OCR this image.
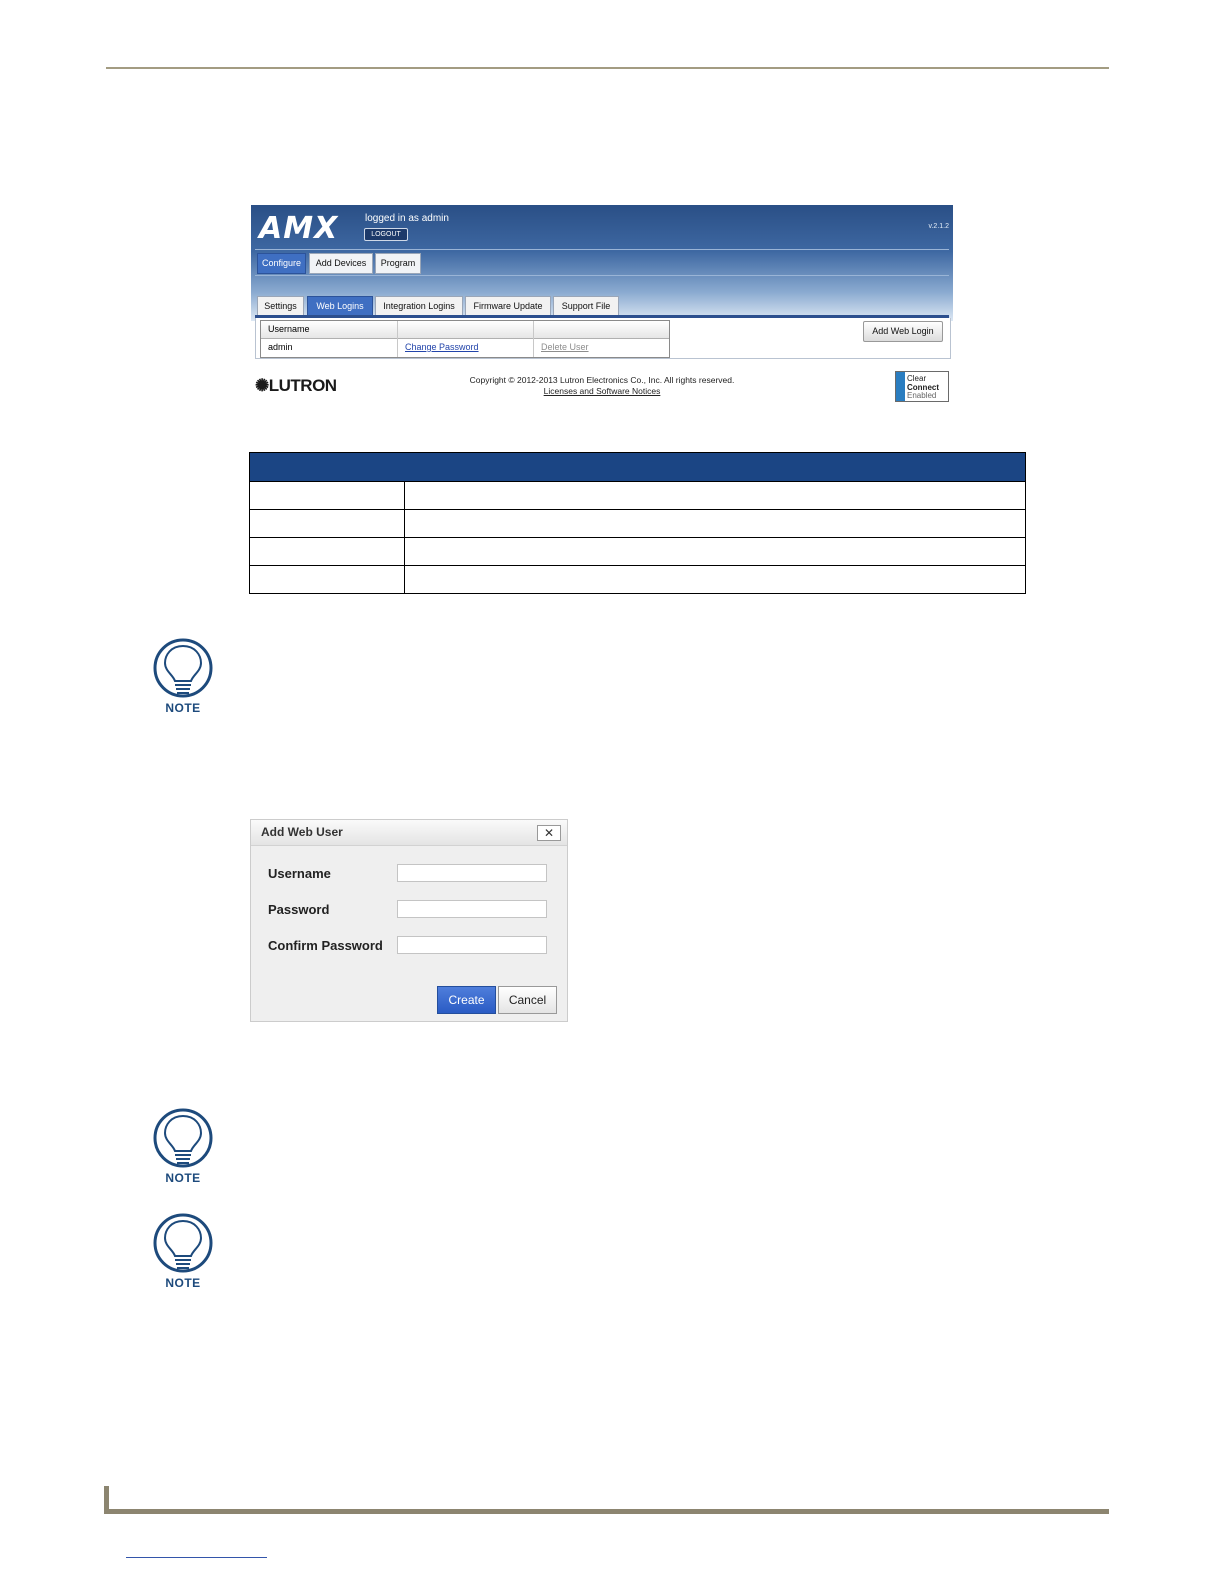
AMX	logged in as admin
LOGOUT
v.2.1.2
Configure	Add Devices	Program
Settings	Web Logins	Integration Logins	Firmware Update	Support File
Username
admin	Change Password	Delete User
Add Web Login
✺LUTRON	Copyright © 2012-2013 Lutron Electronics Co., Inc. All rights reserved.
Licenses and Software Notices
Clear
Connect
Enabled

NOTE
Add Web User	✕
Username
Password
Confirm Password
Create	Cancel
NOTE
NOTE
